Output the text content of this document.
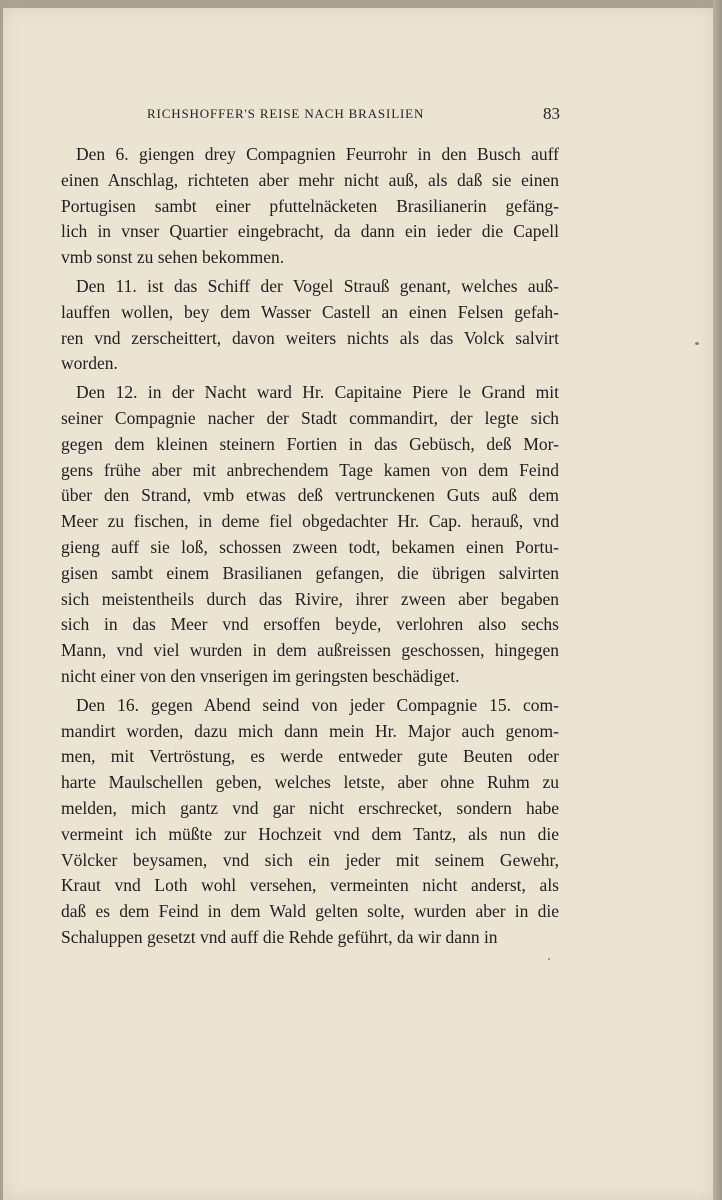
RICHSHOFFER'S REISE NACH BRASILIEN	83
Den 6. giengen drey Compagnien Feurrohr in den Busch auff
einen Anschlag, richteten aber mehr nicht auß, als daß sie einen
Portugisen sambt einer pfuttelnäcketen Brasilianerin gefäng-
lich in vnser Quartier eingebracht, da dann ein ieder die Capell
vmb sonst zu sehen bekommen.
Den 11. ist das Schiff der Vogel Strauß genant, welches auß-
lauffen wollen, bey dem Wasser Castell an einen Felsen gefah-
ren vnd zerscheittert, davon weiters nichts als das Volck salvirt
worden.
Den 12. in der Nacht ward Hr. Capitaine Piere le Grand mit
seiner Compagnie nacher der Stadt commandirt, der legte sich
gegen dem kleinen steinern Fortien in das Gebüsch, deß Mor-
gens frühe aber mit anbrechendem Tage kamen von dem Feind
über den Strand, vmb etwas deß vertrunckenen Guts auß dem
Meer zu fischen, in deme fiel obgedachter Hr. Cap. herauß, vnd
gieng auff sie loß, schossen zween todt, bekamen einen Portu-
gisen sambt einem Brasilianen gefangen, die übrigen salvirten
sich meistentheils durch das Rivire, ihrer zween aber begaben
sich in das Meer vnd ersoffen beyde, verlohren also sechs
Mann, vnd viel wurden in dem außreissen geschossen, hingegen
nicht einer von den vnserigen im geringsten beschädiget.
Den 16. gegen Abend seind von jeder Compagnie 15. com-
mandirt worden, dazu mich dann mein Hr. Major auch genom-
men, mit Vertröstung, es werde entweder gute Beuten oder
harte Maulschellen geben, welches letste, aber ohne Ruhm zu
melden, mich gantz vnd gar nicht erschrecket, sondern habe
vermeint ich müßte zur Hochzeit vnd dem Tantz, als nun die
Völcker beysamen, vnd sich ein jeder mit seinem Gewehr,
Kraut vnd Loth wohl versehen, vermeinten nicht anderst, als
daß es dem Feind in dem Wald gelten solte, wurden aber in die
Schaluppen gesetzt vnd auff die Rehde geführt, da wir dann in
